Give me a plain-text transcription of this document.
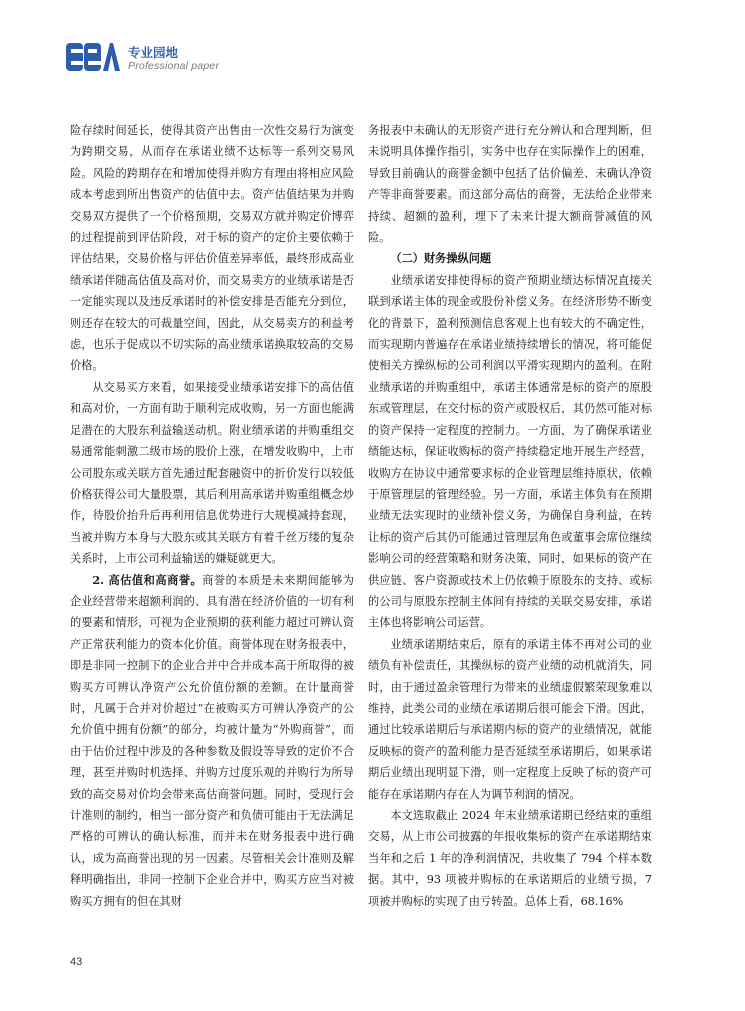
专业园地
Professional paper

险存续时间延长，使得其资产出售由一次性交易行为演变为跨期交易，从而存在承诺业绩不达标等一系列交易风险。风险的跨期存在和增加使得并购方有理由将相应风险成本考虑到所出售资产的估值中去。资产估值结果为并购交易双方提供了一个价格预期，交易双方就并购定价博弈的过程提前到评估阶段，对于标的资产的定价主要依赖于评估结果，交易价格与评估价值差异率低，最终形成高业绩承诺伴随高估值及高对价，而交易卖方的业绩承诺是否一定能实现以及违反承诺时的补偿安排是否能充分到位，则还存在较大的可裁量空间，因此，从交易卖方的利益考虑，也乐于促成以不切实际的高业绩承诺换取较高的交易价格。

从交易买方来看，如果接受业绩承诺安排下的高估值和高对价，一方面有助于顺利完成收购，另一方面也能满足潜在的大股东利益输送动机。附业绩承诺的并购重组交易通常能刺激二级市场的股价上涨，在增发收购中，上市公司股东或关联方首先通过配套融资中的折价发行以较低价格获得公司大量股票，其后利用高承诺并购重组概念炒作，待股价抬升后再利用信息优势进行大规模减持套现，当被并购方本身与大股东或其关联方有着千丝万缕的复杂关系时，上市公司利益输送的嫌疑就更大。

2. 高估值和高商誉。商誉的本质是未来期间能够为企业经营带来超额利润的、具有潜在经济价值的一切有利的要素和情形，可视为企业预期的获利能力超过可辨认资产正常获利能力的资本化价值。商誉体现在财务报表中，即是非同一控制下的企业合并中合并成本高于所取得的被购买方可辨认净资产公允价值份额的差额。在计量商誉时，凡属于合并对价超过“在被购买方可辨认净资产的公允价值中拥有份额”的部分，均被计量为“外购商誉”，而由于估价过程中涉及的各种参数及假设等导致的定价不合理，甚至并购时机选择、并购方过度乐观的并购行为所导致的高交易对价均会带来高估商誉问题。同时，受现行会计准则的制约，相当一部分资产和负债可能由于无法满足严格的可辨认的确认标准，而并未在财务报表中进行确认，成为高商誉出现的另一因素。尽管相关会计准则及解释明确指出，非同一控制下企业合并中，购买方应当对被购买方拥有的但在其财

务报表中未确认的无形资产进行充分辨认和合理判断，但未说明具体操作指引，实务中也存在实际操作上的困难，导致目前确认的商誉金额中包括了估价偏差、未确认净资产等非商誉要素。而这部分高估的商誉，无法给企业带来持续、超额的盈利，埋下了未来计提大额商誉减值的风险。

（二）财务操纵问题

业绩承诺安排使得标的资产预期业绩达标情况直接关联到承诺主体的现金或股份补偿义务。在经济形势不断变化的背景下，盈利预测信息客观上也有较大的不确定性，而实现期内普遍存在承诺业绩持续增长的情况，将可能促使相关方操纵标的公司利润以平滑实现期内的盈利。在附业绩承诺的并购重组中，承诺主体通常是标的资产的原股东或管理层，在交付标的资产或股权后，其仍然可能对标的资产保持一定程度的控制力。一方面，为了确保承诺业绩能达标，保证收购标的资产持续稳定地开展生产经营，收购方在协议中通常要求标的企业管理层维持原状，依赖于原管理层的管理经验。另一方面，承诺主体负有在预期业绩无法实现时的业绩补偿义务，为确保自身利益，在转让标的资产后其仍可能通过管理层角色或董事会席位继续影响公司的经营策略和财务决策，同时，如果标的资产在供应链、客户资源或技术上仍依赖于原股东的支持、或标的公司与原股东控制主体间有持续的关联交易安排，承诺主体也将影响公司运营。

业绩承诺期结束后，原有的承诺主体不再对公司的业绩负有补偿责任，其操纵标的资产业绩的动机就消失，同时，由于通过盈余管理行为带来的业绩虚假繁荣现象难以维持，此类公司的业绩在承诺期后很可能会下滑。因此，通过比较承诺期后与承诺期内标的资产的业绩情况，就能反映标的资产的盈利能力是否延续至承诺期后，如果承诺期后业绩出现明显下滑，则一定程度上反映了标的资产可能存在承诺期内存在人为调节利润的情况。

本文选取截止 2024 年末业绩承诺期已经结束的重组交易，从上市公司披露的年报收集标的资产在承诺期结束当年和之后 1 年的净利润情况，共收集了 794 个样本数据。其中，93 项被并购标的在承诺期后的业绩亏损，7 项被并购标的实现了由亏转盈。总体上看，68.16%

43
